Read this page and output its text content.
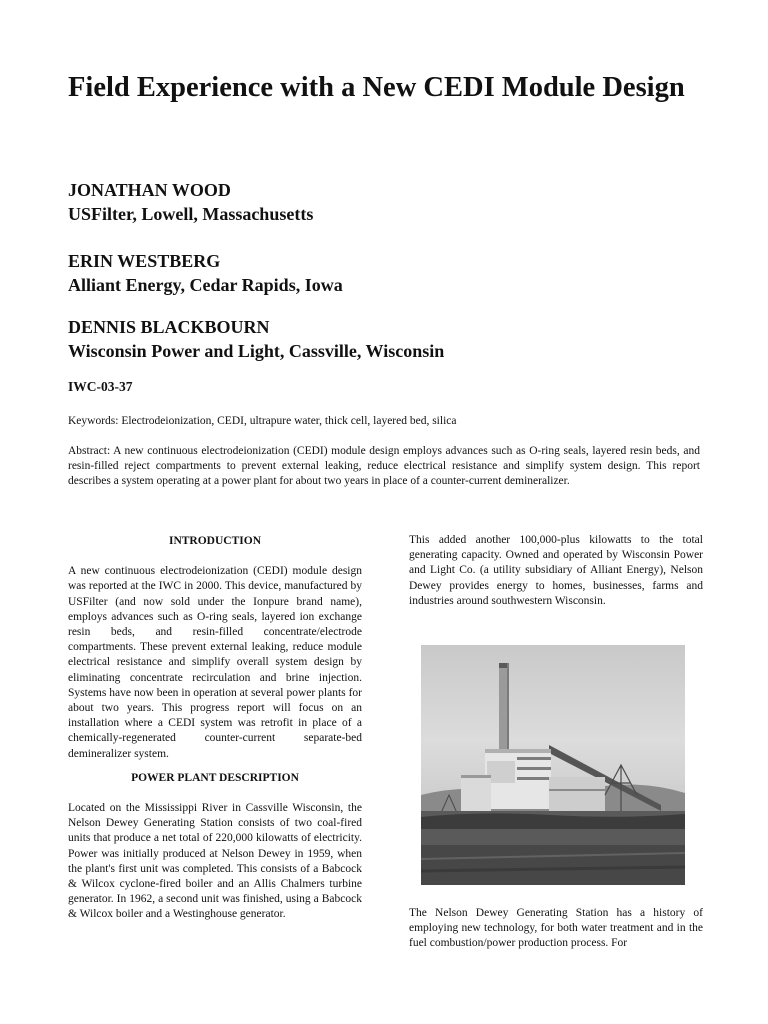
Field Experience with a New CEDI Module Design
JONATHAN WOOD
USFilter, Lowell, Massachusetts
ERIN WESTBERG
Alliant Energy, Cedar Rapids, Iowa
DENNIS BLACKBOURN
Wisconsin Power and Light, Cassville, Wisconsin
IWC-03-37
Keywords: Electrodeionization, CEDI, ultrapure water, thick cell, layered bed, silica
Abstract: A new continuous electrodeionization (CEDI) module design employs advances such as O-ring seals, layered resin beds, and resin-filled reject compartments to prevent external leaking, reduce electrical resistance and simplify system design. This report describes a system operating at a power plant for about two years in place of a counter-current demineralizer.

INTRODUCTION

A new continuous electrodeionization (CEDI) module design was reported at the IWC in 2000. This device, manufactured by USFilter (and now sold under the Ionpure brand name), employs advances such as O-ring seals, layered ion exchange resin beds, and resin-filled concentrate/electrode compartments. These prevent external leaking, reduce module electrical resistance and simplify overall system design by eliminating concentrate recirculation and brine injection. Systems have now been in operation at several power plants for about two years. This progress report will focus on an installation where a CEDI system was retrofit in place of a chemically-regenerated counter-current separate-bed demineralizer system.

POWER PLANT DESCRIPTION

Located on the Mississippi River in Cassville Wisconsin, the Nelson Dewey Generating Station consists of two coal-fired units that produce a net total of 220,000 kilowatts of electricity. Power was initially produced at Nelson Dewey in 1959, when the plant's first unit was completed. This consists of a Babcock & Wilcox cyclone-fired boiler and an Allis Chalmers turbine generator. In 1962, a second unit was finished, using a Babcock & Wilcox boiler and a Westinghouse generator.

This added another 100,000-plus kilowatts to the total generating capacity. Owned and operated by Wisconsin Power and Light Co. (a utility subsidiary of Alliant Energy), Nelson Dewey provides energy to homes, businesses, farms and industries around southwestern Wisconsin.

The Nelson Dewey Generating Station has a history of employing new technology, for both water treatment and in the fuel combustion/power production process. For
